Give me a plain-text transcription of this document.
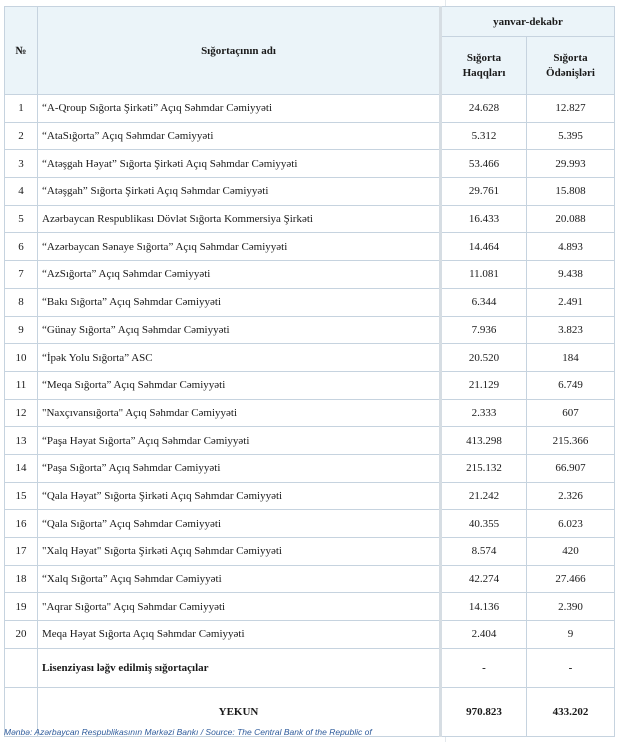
№	Sığortaçının adı	yanvar-dekabr	
		Sığorta Haqqları	Sığorta Ödənişləri
1	“A-Qroup Sığorta Şirkəti” Açıq Səhmdar Cəmiyyəti	24.628	12.827
2	“AtaSığorta” Açıq Səhmdar Cəmiyyəti	5.312	5.395
3	“Atəşgah Həyat” Sığorta Şirkəti Açıq Səhmdar Cəmiyyəti	53.466	29.993
4	“Atəşgah” Sığorta Şirkəti Açıq Səhmdar Cəmiyyəti	29.761	15.808
5	Azərbaycan Respublikası Dövlət Sığorta Kommersiya Şirkəti	16.433	20.088
6	“Azərbaycan Sənaye Sığorta” Açıq Səhmdar Cəmiyyəti	14.464	4.893
7	“AzSığorta” Açıq Səhmdar Cəmiyyəti	11.081	9.438
8	“Bakı Sığorta” Açıq Səhmdar Cəmiyyəti	6.344	2.491
9	“Günay Sığorta” Açıq Səhmdar Cəmiyyəti	7.936	3.823
10	“İpək Yolu Sığorta” ASC	20.520	184
11	“Meqa Sığorta” Açıq Səhmdar Cəmiyyəti	21.129	6.749
12	"Naxçıvansığorta" Açıq Səhmdar Cəmiyyəti	2.333	607
13	“Paşa Həyat Sığorta” Açıq Səhmdar Cəmiyyəti	413.298	215.366
14	“Paşa Sığorta” Açıq Səhmdar Cəmiyyəti	215.132	66.907
15	“Qala Həyat” Sığorta Şirkəti Açıq Səhmdar Cəmiyyəti	21.242	2.326
16	“Qala Sığorta” Açıq Səhmdar Cəmiyyəti	40.355	6.023
17	"Xalq Həyat" Sığorta Şirkəti Açıq Səhmdar Cəmiyyəti	8.574	420
18	“Xalq Sığorta” Açıq Səhmdar Cəmiyyəti	42.274	27.466
19	"Aqrar Sığorta" Açıq Səhmdar Cəmiyyəti	14.136	2.390
20	Meqa Həyat Sığorta Açıq Səhmdar Cəmiyyəti	2.404	9
	Lisenziyası ləğv edilmiş sığortaçılar	-	-
	YEKUN	970.823	433.202
Mənbə: Azərbaycan Respublikasının Mərkəzi Bankı / Source: The Central Bank of the Republic of
